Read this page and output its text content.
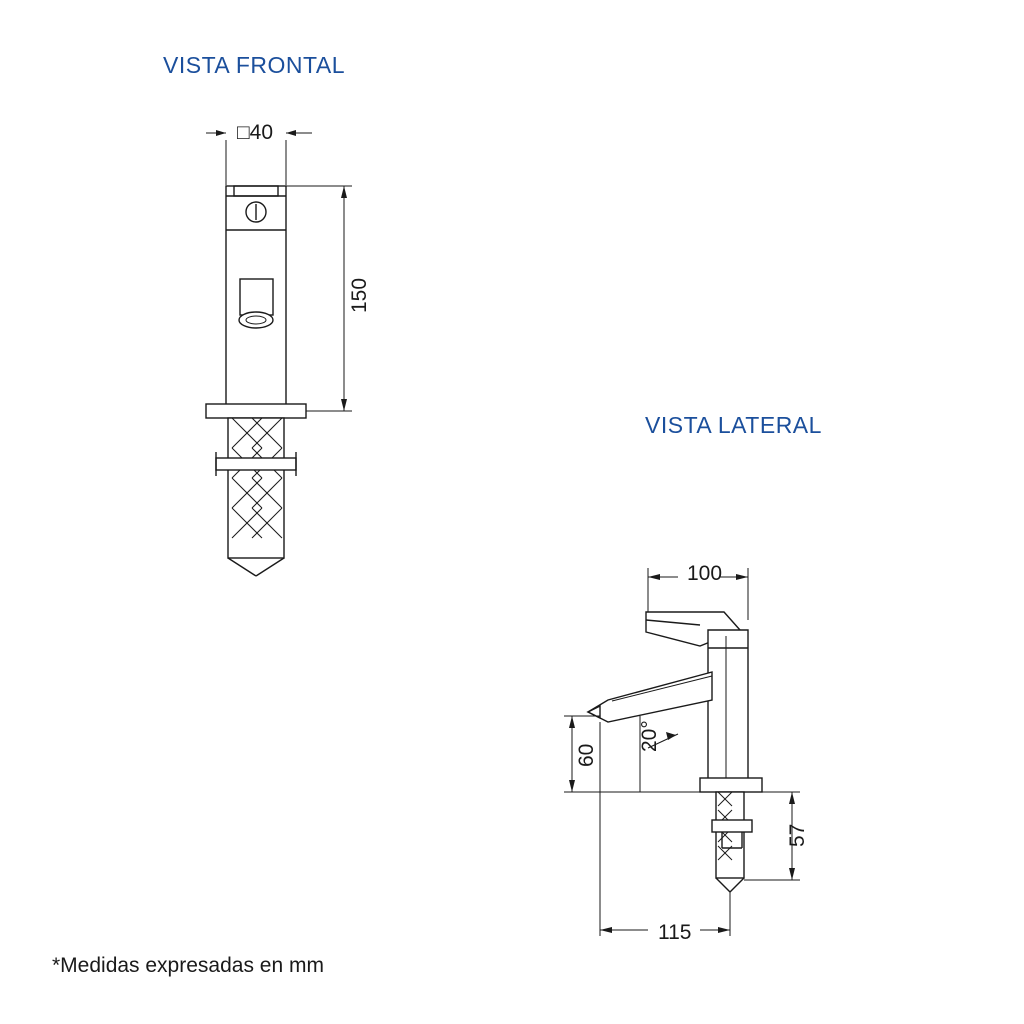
VISTA FRONTAL
VISTA LATERAL
*Medidas expresadas en mm
□40
150
100
60
20°
57
115
